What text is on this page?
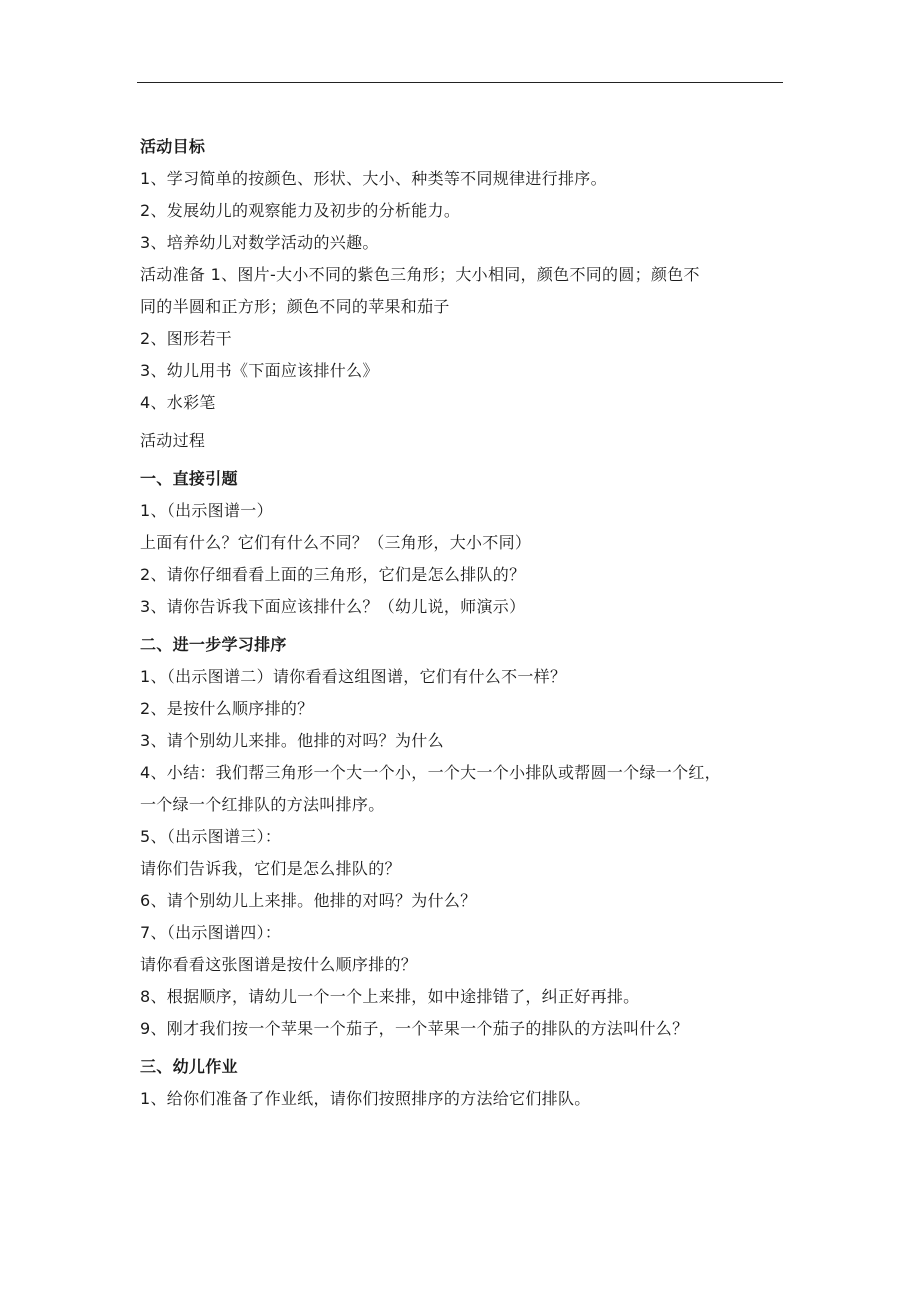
活动目标
1、学习简单的按颜色、形状、大小、种类等不同规律进行排序。
2、发展幼儿的观察能力及初步的分析能力。
3、培养幼儿对数学活动的兴趣。
活动准备 1、图片-大小不同的紫色三角形；大小相同，颜色不同的圆；颜色不
同的半圆和正方形；颜色不同的苹果和茄子
2、图形若干
3、幼儿用书《下面应该排什么》
4、水彩笔
活动过程
一、直接引题
1、（出示图谱一）
上面有什么？它们有什么不同？（三角形，大小不同）
2、请你仔细看看上面的三角形，它们是怎么排队的？
3、请你告诉我下面应该排什么？（幼儿说，师演示）
二、进一步学习排序
1、（出示图谱二）请你看看这组图谱，它们有什么不一样？
2、是按什么顺序排的？
3、请个别幼儿来排。他排的对吗？为什么
4、小结：我们帮三角形一个大一个小，一个大一个小排队或帮圆一个绿一个红，
一个绿一个红排队的方法叫排序。
5、（出示图谱三）：
请你们告诉我，它们是怎么排队的？
6、请个别幼儿上来排。他排的对吗？为什么？
7、（出示图谱四）：
请你看看这张图谱是按什么顺序排的？
8、根据顺序，请幼儿一个一个上来排，如中途排错了，纠正好再排。
9、刚才我们按一个苹果一个茄子，一个苹果一个茄子的排队的方法叫什么？
三、幼儿作业
1、给你们准备了作业纸，请你们按照排序的方法给它们排队。
